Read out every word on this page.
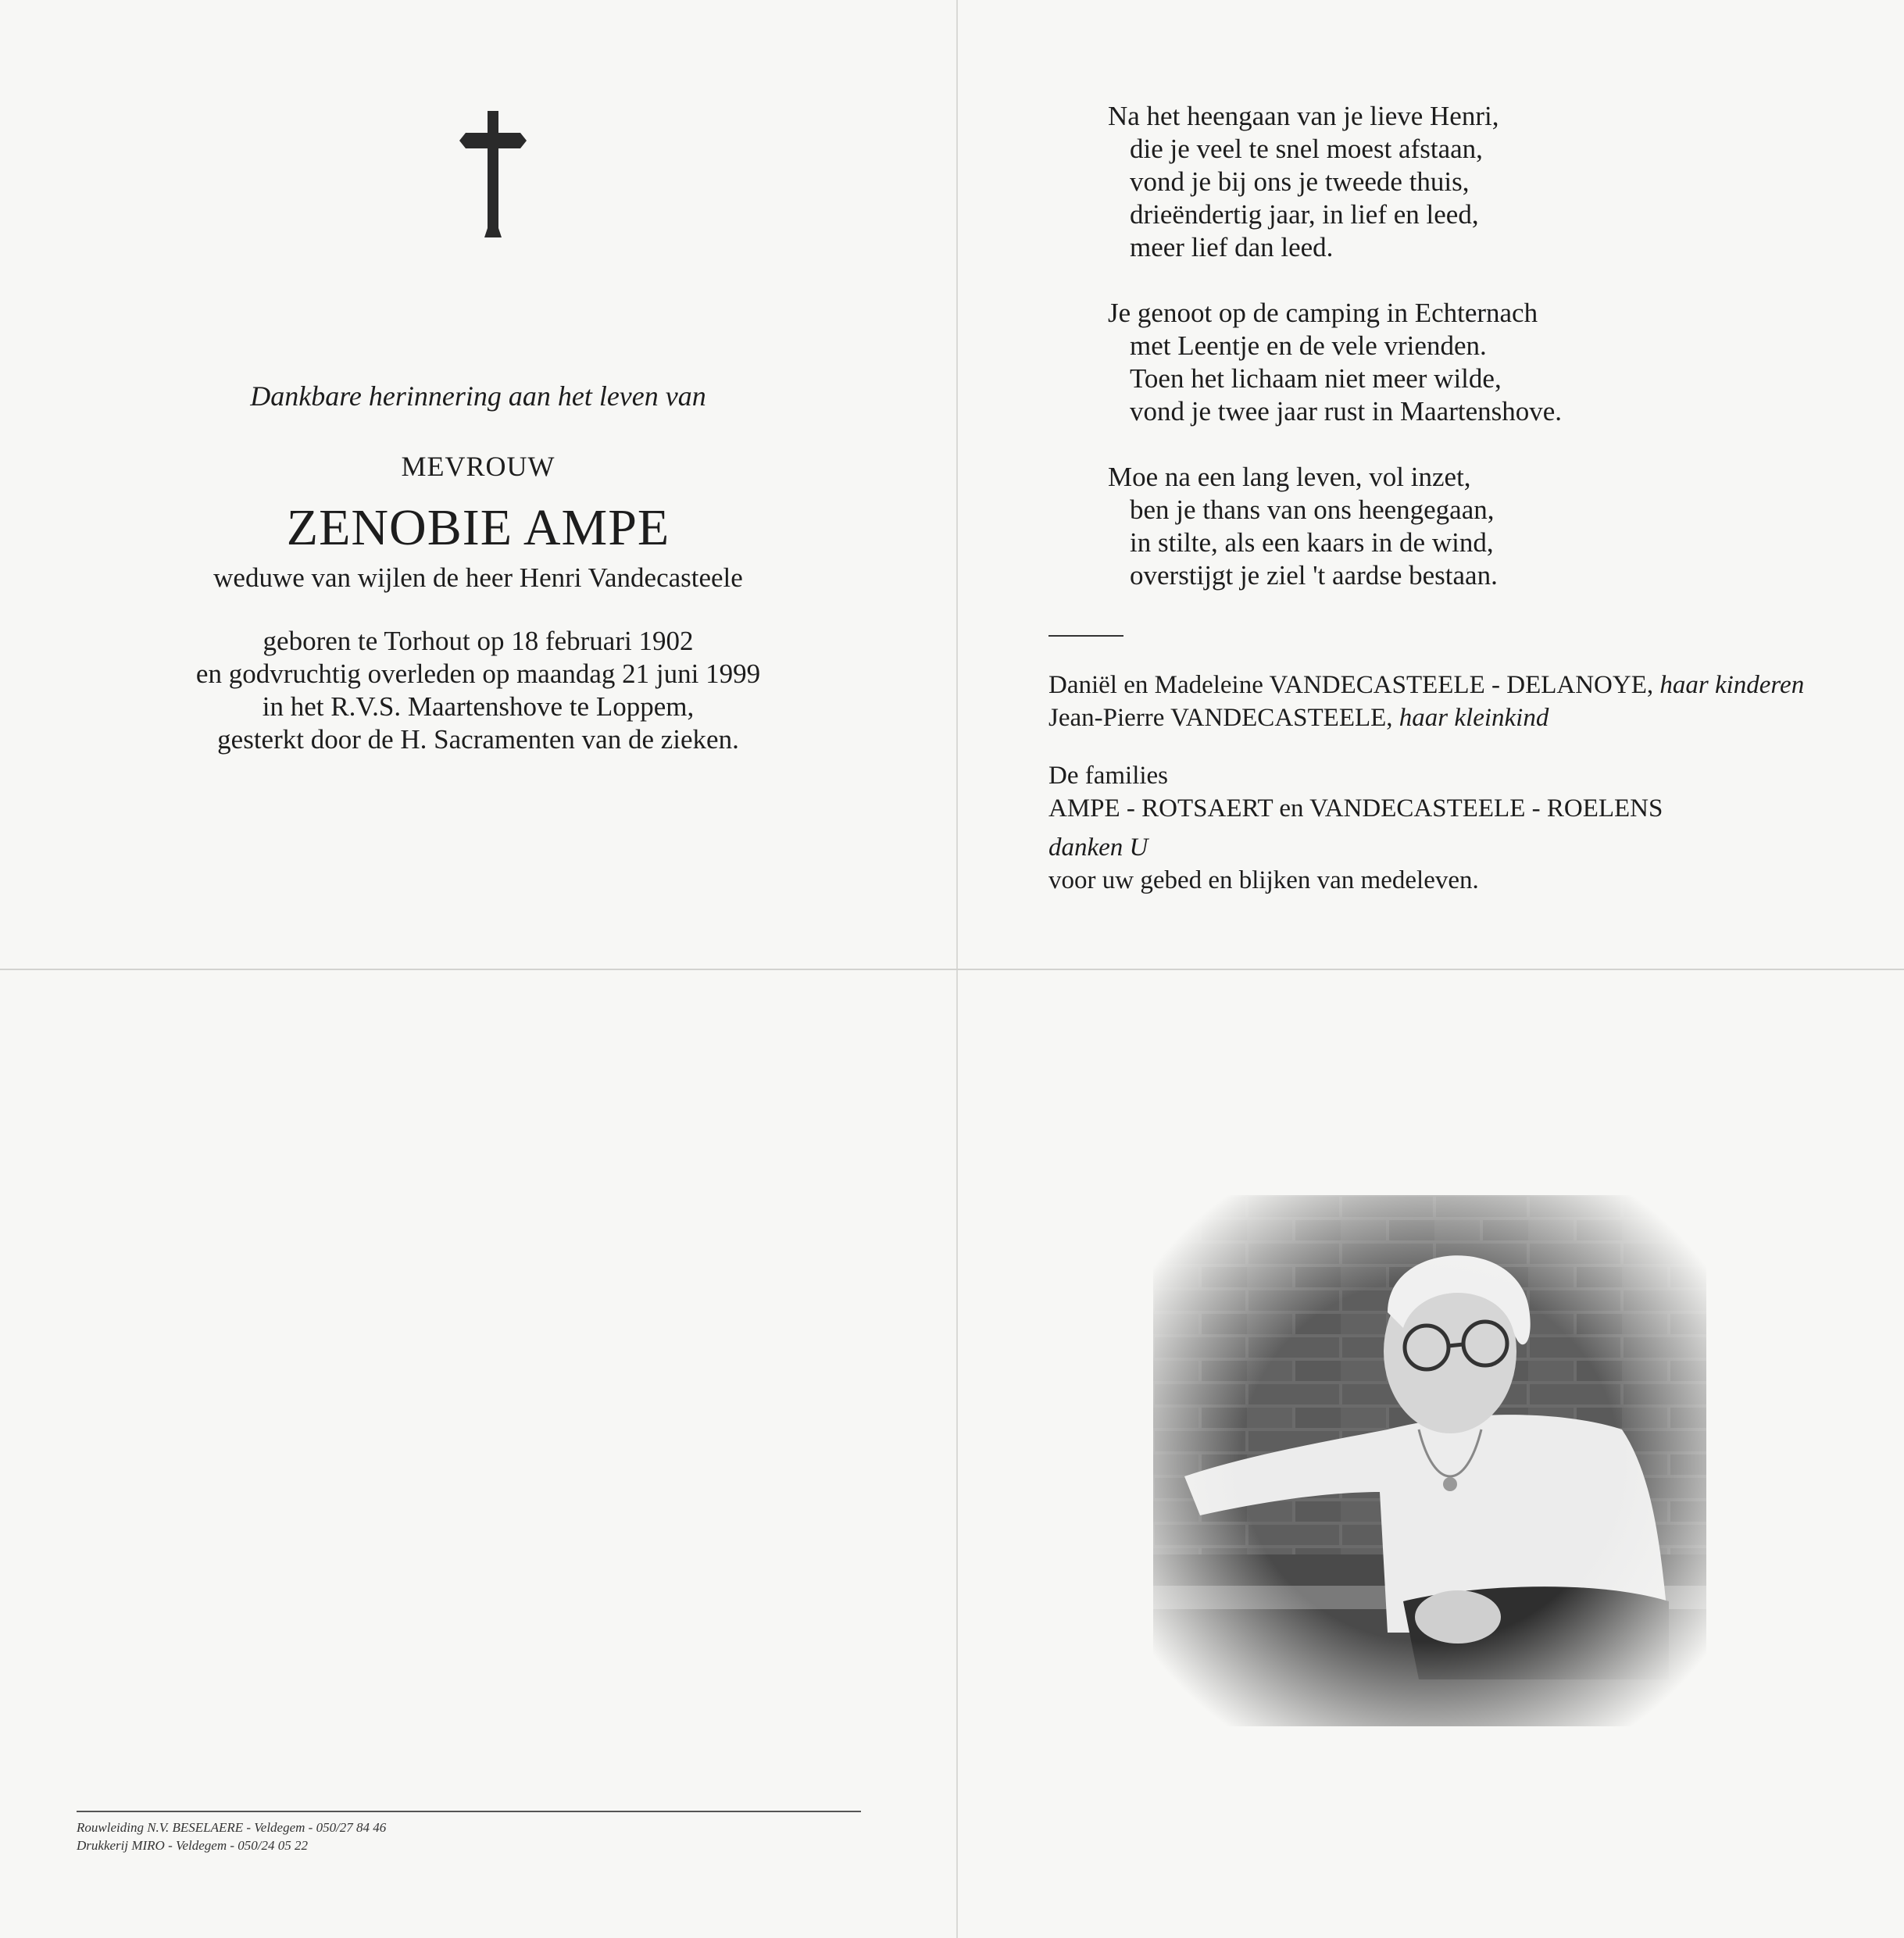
Dankbare herinnering aan het leven van
MEVROUW
ZENOBIE AMPE
weduwe van wijlen de heer Henri Vandecasteele
geboren te Torhout op 18 februari 1902
en godvruchtig overleden op maandag 21 juni 1999
in het R.V.S. Maartenshove te Loppem,
gesterkt door de H. Sacramenten van de zieken.
Na het heengaan van je lieve Henri,
die je veel te snel moest afstaan,
vond je bij ons je tweede thuis,
drieëndertig jaar, in lief en leed,
meer lief dan leed.
Je genoot op de camping in Echternach
met Leentje en de vele vrienden.
Toen het lichaam niet meer wilde,
vond je twee jaar rust in Maartenshove.
Moe na een lang leven, vol inzet,
ben je thans van ons heengegaan,
in stilte, als een kaars in de wind,
overstijgt je ziel 't aardse bestaan.
Daniël en Madeleine VANDECASTEELE - DELANOYE, haar kinderen
Jean-Pierre VANDECASTEELE, haar kleinkind
De families
AMPE - ROTSAERT en VANDECASTEELE - ROELENS
danken U
voor uw gebed en blijken van medeleven.
Rouwleiding N.V. BESELAERE - Veldegem - 050/27 84 46
Drukkerij MIRO - Veldegem - 050/24 05 22
